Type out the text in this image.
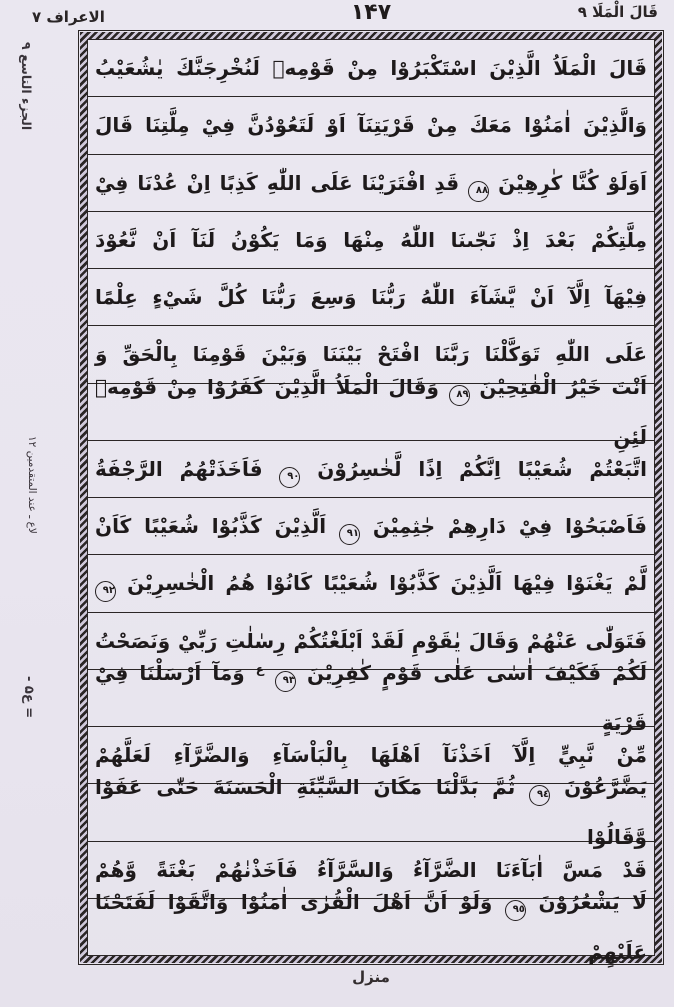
قَالَ الْمَلَا ۹
۱۴۷
الاعراف ۷
الجزء التاسع ۹
لاع ـ عند المتقدمين ۱۲
= ع۵ -

قَالَ الْمَلَاُ الَّذِيْنَ اسْتَكْبَرُوْا مِنْ قَوْمِهٖ لَنُخْرِجَنَّكَ يٰشُعَيْبُ

وَالَّذِيْنَ اٰمَنُوْا مَعَكَ مِنْ قَرْيَتِنَآ اَوْ لَتَعُوْدُنَّ فِيْ مِلَّتِنَا قَالَ

اَوَلَوْ كُنَّا كٰرِهِيْنَ ٨٨ قَدِ افْتَرَيْنَا عَلَى اللّٰهِ كَذِبًا اِنْ عُدْنَا فِيْ

مِلَّتِكُمْ بَعْدَ اِذْ نَجّٰىنَا اللّٰهُ مِنْهَا وَمَا يَكُوْنُ لَنَآ اَنْ نَّعُوْدَ

فِيْهَآ اِلَّآ اَنْ يَّشَآءَ اللّٰهُ رَبُّنَا وَسِعَ رَبُّنَا كُلَّ شَيْءٍ عِلْمًا

عَلَى اللّٰهِ تَوَكَّلْنَا رَبَّنَا افْتَحْ بَيْنَنَا وَبَيْنَ قَوْمِنَا بِالْحَقِّ وَ

اَنْتَ خَيْرُ الْفٰتِحِيْنَ ٨٩ وَقَالَ الْمَلَاُ الَّذِيْنَ كَفَرُوْا مِنْ قَوْمِهٖ لَئِنِ

اتَّبَعْتُمْ شُعَيْبًا اِنَّكُمْ اِذًا لَّخٰسِرُوْنَ ٩٠ فَاَخَذَتْهُمُ الرَّجْفَةُ

فَاَصْبَحُوْا فِيْ دَارِهِمْ جٰثِمِيْنَ ٩١ اَلَّذِيْنَ كَذَّبُوْا شُعَيْبًا كَاَنْ

لَّمْ يَغْنَوْا فِيْهَا اَلَّذِيْنَ كَذَّبُوْا شُعَيْبًا كَانُوْا هُمُ الْخٰسِرِيْنَ ٩٢

فَتَوَلّٰى عَنْهُمْ وَقَالَ يٰقَوْمِ لَقَدْ اَبْلَغْتُكُمْ رِسٰلٰتِ رَبِّيْ وَنَصَحْتُ

لَكُمْ فَكَيْفَ اٰسٰى عَلٰى قَوْمٍ كٰفِرِيْنَ ٩٣ ع وَمَآ اَرْسَلْنَا فِيْ قَرْيَةٍ

مِّنْ نَّبِيٍّ اِلَّآ اَخَذْنَآ اَهْلَهَا بِالْبَاْسَآءِ وَالضَّرَّآءِ لَعَلَّهُمْ

يَضَّرَّعُوْنَ ٩٤ ثُمَّ بَدَّلْنَا مَكَانَ السَّيِّئَةِ الْحَسَنَةَ حَتّٰى عَفَوْا وَّقَالُوْا

قَدْ مَسَّ اٰبَآءَنَا الضَّرَّآءُ وَالسَّرَّآءُ فَاَخَذْنٰهُمْ بَغْتَةً وَّهُمْ

لَا يَشْعُرُوْنَ ٩٥ وَلَوْ اَنَّ اَهْلَ الْقُرٰى اٰمَنُوْا وَاتَّقَوْا لَفَتَحْنَا عَلَيْهِمْ

منزل
